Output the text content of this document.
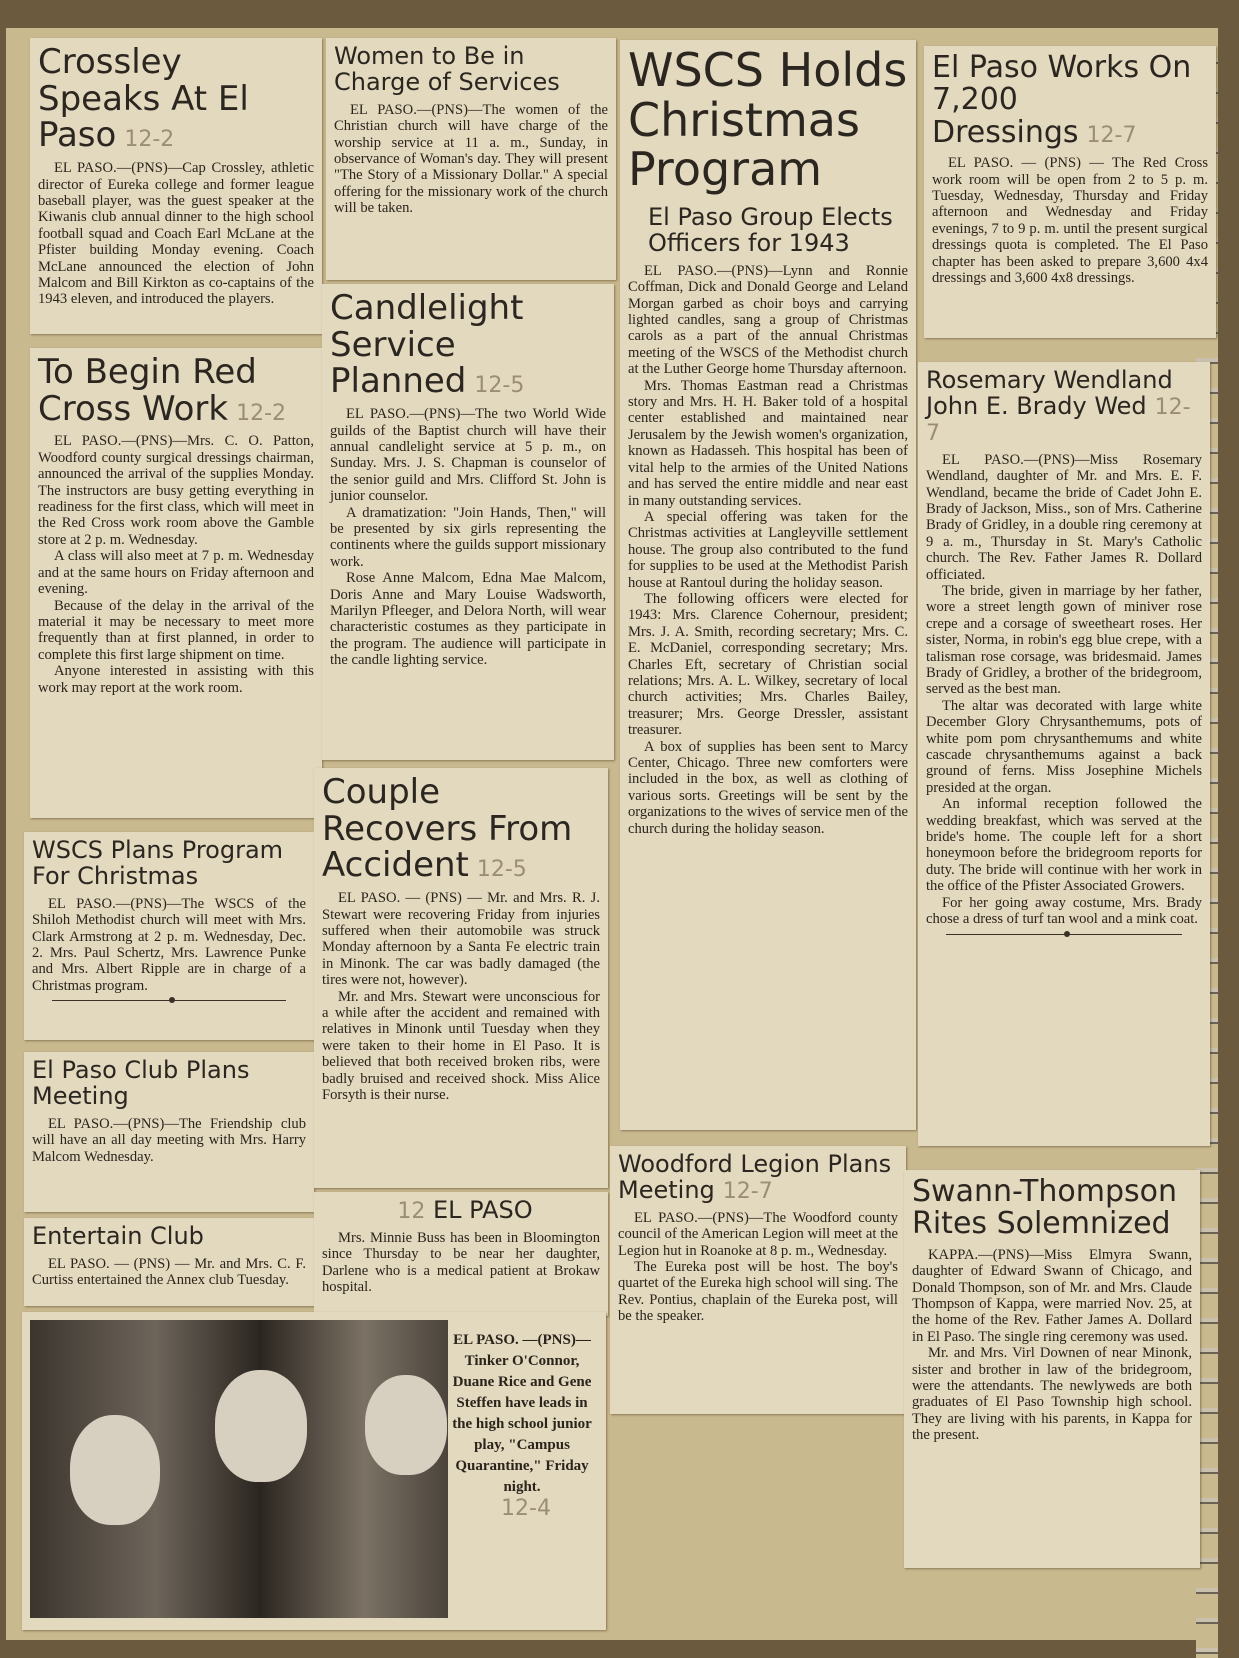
Crossley Speaks At El Paso 12-2
EL PASO.—(PNS)—Cap Crossley, athletic director of Eureka college and former league baseball player, was the guest speaker at the Kiwanis club annual dinner to the high school football squad and Coach Earl McLane at the Pfister building Monday evening. Coach McLane announced the election of John Malcom and Bill Kirkton as co-captains of the 1943 eleven, and introduced the players.
To Begin Red Cross Work 12-2

EL PASO.—(PNS)—Mrs. C. O. Patton, Woodford county surgical dressings chairman, announced the arrival of the supplies Monday. The instructors are busy getting everything in readiness for the first class, which will meet in the Red Cross work room above the Gamble store at 2 p. m. Wednesday.

A class will also meet at 7 p. m. Wednesday and at the same hours on Friday afternoon and evening.

Because of the delay in the arrival of the material it may be necessary to meet more frequently than at first planned, in order to complete this first large shipment on time.

Anyone interested in assisting with this work may report at the work room.

WSCS Plans Program For Christmas
EL PASO.—(PNS)—The WSCS of the Shiloh Methodist church will meet with Mrs. Clark Armstrong at 2 p. m. Wednesday, Dec. 2. Mrs. Paul Schertz, Mrs. Lawrence Punke and Mrs. Albert Ripple are in charge of a Christmas program.
El Paso Club Plans Meeting
EL PASO.—(PNS)—The Friendship club will have an all day meeting with Mrs. Harry Malcom Wednesday.
Entertain Club
EL PASO. — (PNS) — Mr. and Mrs. C. F. Curtiss entertained the Annex club Tuesday.
Women to Be in Charge of Services
EL PASO.—(PNS)—The women of the Christian church will have charge of the worship service at 11 a. m., Sunday, in observance of Woman's day. They will present "The Story of a Missionary Dollar." A special offering for the missionary work of the church will be taken.
Candlelight Service Planned 12-5

EL PASO.—(PNS)—The two World Wide guilds of the Baptist church will have their annual candlelight service at 5 p. m., on Sunday. Mrs. J. S. Chapman is counselor of the senior guild and Mrs. Clifford St. John is junior counselor.

A dramatization: "Join Hands, Then," will be presented by six girls representing the continents where the guilds support missionary work.

Rose Anne Malcom, Edna Mae Malcom, Doris Anne and Mary Louise Wadsworth, Marilyn Pfleeger, and Delora North, will wear characteristic costumes as they participate in the program. The audience will participate in the candle lighting service.

Couple Recovers From Accident 12-5

EL PASO. — (PNS) — Mr. and Mrs. R. J. Stewart were recovering Friday from injuries suffered when their automobile was struck Monday afternoon by a Santa Fe electric train in Minonk. The car was badly damaged (the tires were not, however).

Mr. and Mrs. Stewart were unconscious for a while after the accident and remained with relatives in Minonk until Tuesday when they were taken to their home in El Paso. It is believed that both received broken ribs, were badly bruised and received shock. Miss Alice Forsyth is their nurse.

12 EL PASO
Mrs. Minnie Buss has been in Bloomington since Thursday to be near her daughter, Darlene who is a medical patient at Brokaw hospital.
WSCS Holds Christmas Program
El Paso Group Elects Officers for 1943

EL PASO.—(PNS)—Lynn and Ronnie Coffman, Dick and Donald George and Leland Morgan garbed as choir boys and carrying lighted candles, sang a group of Christmas carols as a part of the annual Christmas meeting of the WSCS of the Methodist church at the Luther George home Thursday afternoon.

Mrs. Thomas Eastman read a Christmas story and Mrs. H. H. Baker told of a hospital center established and maintained near Jerusalem by the Jewish women's organization, known as Hadasseh. This hospital has been of vital help to the armies of the United Nations and has served the entire middle and near east in many outstanding services.

A special offering was taken for the Christmas activities at Langleyville settlement house. The group also contributed to the fund for supplies to be used at the Methodist Parish house at Rantoul during the holiday season.

The following officers were elected for 1943: Mrs. Clarence Cohernour, president; Mrs. J. A. Smith, recording secretary; Mrs. C. E. McDaniel, corresponding secretary; Mrs. Charles Eft, secretary of Christian social relations; Mrs. A. L. Wilkey, secretary of local church activities; Mrs. Charles Bailey, treasurer; Mrs. George Dressler, assistant treasurer.

A box of supplies has been sent to Marcy Center, Chicago. Three new comforters were included in the box, as well as clothing of various sorts. Greetings will be sent by the organizations to the wives of service men of the church during the holiday season.

Woodford Legion Plans Meeting 12-7

EL PASO.—(PNS)—The Woodford county council of the American Legion will meet at the Legion hut in Roanoke at 8 p. m., Wednesday.

The Eureka post will be host. The boy's quartet of the Eureka high school will sing. The Rev. Pontius, chaplain of the Eureka post, will be the speaker.

El Paso Works On 7,200 Dressings 12-7
EL PASO. — (PNS) — The Red Cross work room will be open from 2 to 5 p. m. Tuesday, Wednesday, Thursday and Friday afternoon and Wednesday and Friday evenings, 7 to 9 p. m. until the present surgical dressings quota is completed. The El Paso chapter has been asked to prepare 3,600 4x4 dressings and 3,600 4x8 dressings.
Rosemary Wendland John E. Brady Wed 12-7

EL PASO.—(PNS)—Miss Rosemary Wendland, daughter of Mr. and Mrs. E. F. Wendland, became the bride of Cadet John E. Brady of Jackson, Miss., son of Mrs. Catherine Brady of Gridley, in a double ring ceremony at 9 a. m., Thursday in St. Mary's Catholic church. The Rev. Father James R. Dollard officiated.

The bride, given in marriage by her father, wore a street length gown of miniver rose crepe and a corsage of sweetheart roses. Her sister, Norma, in robin's egg blue crepe, with a talisman rose corsage, was bridesmaid. James Brady of Gridley, a brother of the bridegroom, served as the best man.

The altar was decorated with large white December Glory Chrysanthemums, pots of white pom pom chrysanthemums and white cascade chrysanthemums against a back ground of ferns. Miss Josephine Michels presided at the organ.

An informal reception followed the wedding breakfast, which was served at the bride's home. The couple left for a short honeymoon before the bridegroom reports for duty. The bride will continue with her work in the office of the Pfister Associated Growers.

For her going away costume, Mrs. Brady chose a dress of turf tan wool and a mink coat.

Swann-Thompson Rites Solemnized

KAPPA.—(PNS)—Miss Elmyra Swann, daughter of Edward Swann of Chicago, and Donald Thompson, son of Mr. and Mrs. Claude Thompson of Kappa, were married Nov. 25, at the home of the Rev. Father James A. Dollard in El Paso. The single ring ceremony was used.

Mr. and Mrs. Virl Downen of near Minonk, sister and brother in law of the bridegroom, were the attendants. The newlyweds are both graduates of El Paso Township high school. They are living with his parents, in Kappa for the present.

EL PASO. —(PNS)— Tinker O'Connor, Duane Rice and Gene Steffen have leads in the high school junior play, "Campus Quarantine," Friday night.
12-4
